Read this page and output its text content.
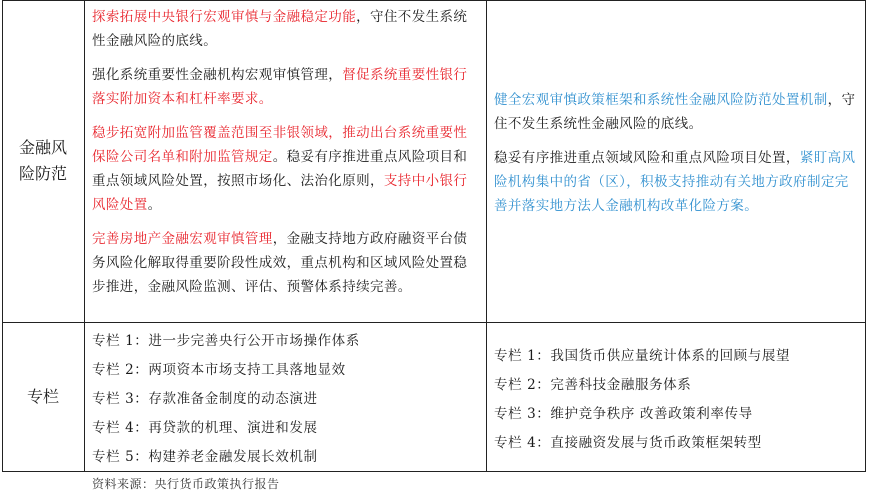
金融风险防范

探索拓展中央银行宏观审慎与金融稳定功能，守住不发生系统性金融风险的底线。

强化系统重要性金融机构宏观审慎管理，督促系统重要性银行落实附加资本和杠杆率要求。

稳步拓宽附加监管覆盖范围至非银领域，推动出台系统重要性保险公司名单和附加监管规定。稳妥有序推进重点风险项目和重点领域风险处置，按照市场化、法治化原则，支持中小银行风险处置。

完善房地产金融宏观审慎管理，金融支持地方政府融资平台债务风险化解取得重要阶段性成效，重点机构和区域风险处置稳步推进，金融风险监测、评估、预警体系持续完善。

健全宏观审慎政策框架和系统性金融风险防范处置机制，守住不发生系统性金融风险的底线。

稳妥有序推进重点领域风险和重点风险项目处置，紧盯高风险机构集中的省（区），积极支持推动有关地方政府制定完善并落实地方法人金融机构改革化险方案。

专栏

专栏 1：进一步完善央行公开市场操作体系

专栏 2：两项资本市场支持工具落地显效

专栏 3：存款准备金制度的动态演进

专栏 4：再贷款的机理、演进和发展

专栏 5：构建养老金融发展长效机制

专栏 1：我国货币供应量统计体系的回顾与展望

专栏 2：完善科技金融服务体系

专栏 3：维护竞争秩序 改善政策利率传导

专栏 4：直接融资发展与货币政策框架转型

资料来源：央行货币政策执行报告
